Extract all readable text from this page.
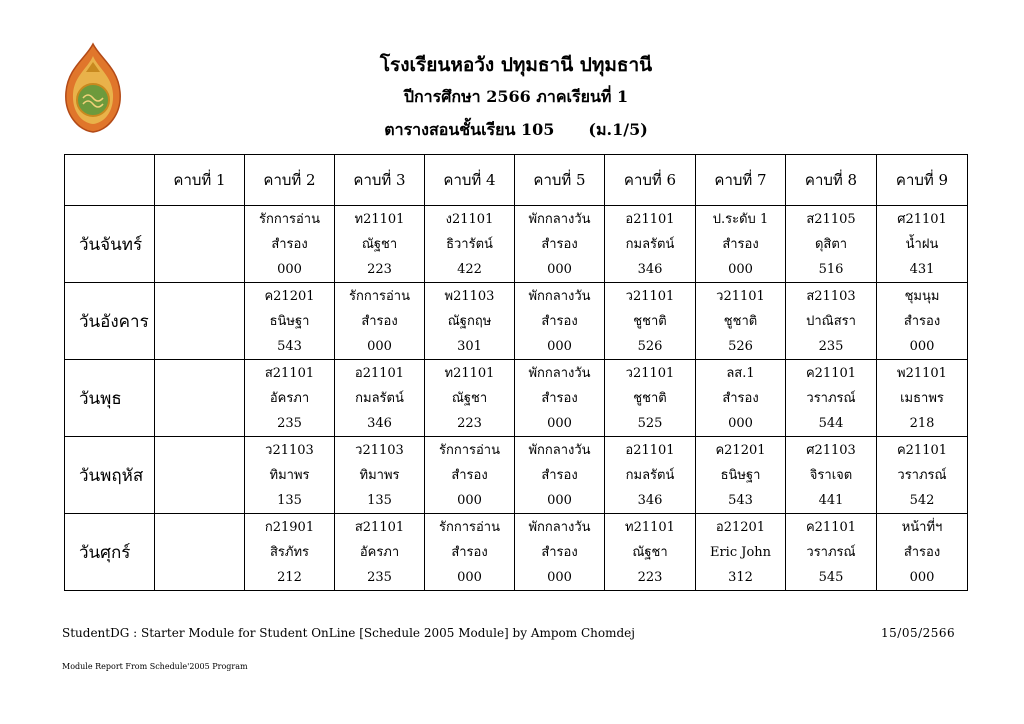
โรงเรียนหอวัง ปทุมธานี ปทุมธานี
ปีการศึกษา 2566 ภาคเรียนที่ 1
ตารางสอนชั้นเรียน 105 (ม.1/5)
	คาบที่ 1	คาบที่ 2	คาบที่ 3	คาบที่ 4	คาบที่ 5	คาบที่ 6	คาบที่ 7	คาบที่ 8	คาบที่ 9
วันจันทร์		รักการอ่าน
สำรอง
000	ท21101
ณัฐชา
223	ง21101
ธิวารัตน์
422	พักกลางวัน
สำรอง
000	อ21101
กมลรัตน์
346	ป.ระดับ 1
สำรอง
000	ส21105
ดุสิตา
516	ศ21101
น้ำฝน
431

วันอังคาร		ค21201
ธนิษฐา
543	รักการอ่าน
สำรอง
000	พ21103
ณัฐกฤษ
301	พักกลางวัน
สำรอง
000	ว21101
ชูชาติ
526	ว21101
ชูชาติ
526	ส21103
ปาณิสรา
235	ชุมนุม
สำรอง
000

วันพุธ		ส21101
อัครภา
235	อ21101
กมลรัตน์
346	ท21101
ณัฐชา
223	พักกลางวัน
สำรอง
000	ว21101
ชูชาติ
525	ลส.1
สำรอง
000	ค21101
วราภรณ์
544	พ21101
เมธาพร
218

วันพฤหัส		ว21103
ทิมาพร
135	ว21103
ทิมาพร
135	รักการอ่าน
สำรอง
000	พักกลางวัน
สำรอง
000	อ21101
กมลรัตน์
346	ค21201
ธนิษฐา
543	ศ21103
จิราเจต
441	ค21101
วราภรณ์
542

วันศุกร์		ก21901
สิรภัทร
212	ส21101
อัครภา
235	รักการอ่าน
สำรอง
000	พักกลางวัน
สำรอง
000	ท21101
ณัฐชา
223	อ21201
Eric John
312	ค21101
วราภรณ์
545	หน้าที่ฯ
สำรอง
000
StudentDG : Starter Module for Student OnLine [Schedule 2005 Module] by Ampom Chomdej	15/05/2566
Module Report From Schedule'2005 Program
